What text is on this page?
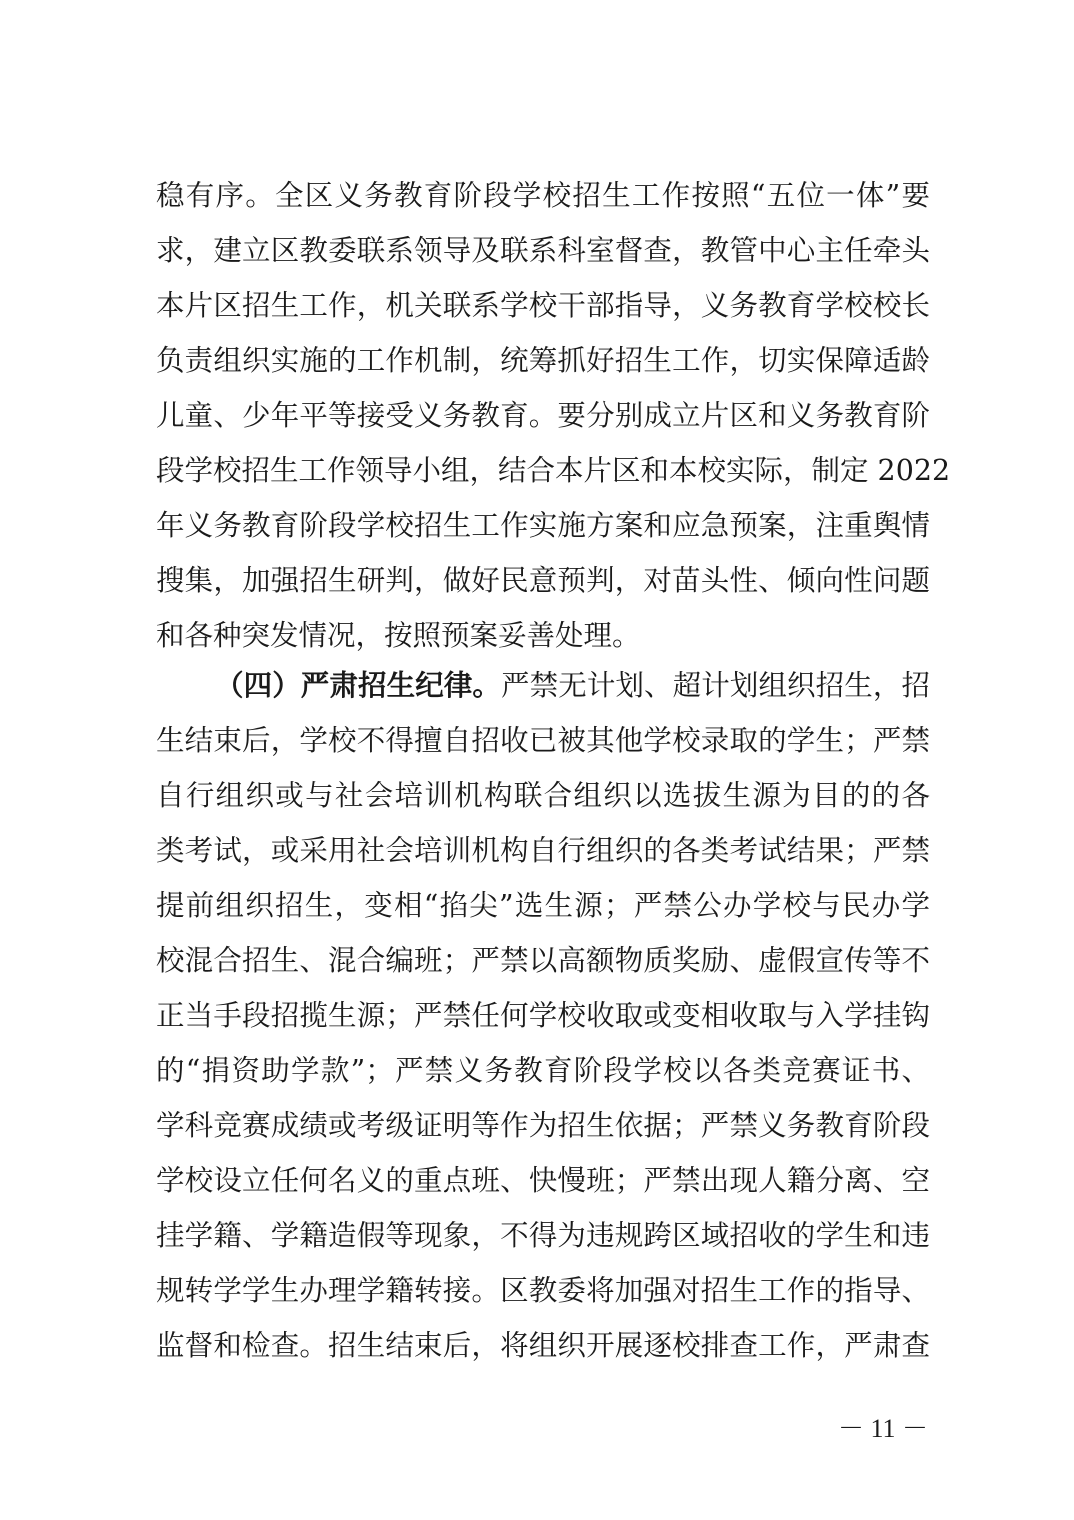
稳有序。全区义务教育阶段学校招生工作按照“五位一体”要
求，建立区教委联系领导及联系科室督查，教管中心主任牵头
本片区招生工作，机关联系学校干部指导，义务教育学校校长
负责组织实施的工作机制，统筹抓好招生工作，切实保障适龄
儿童、少年平等接受义务教育。要分别成立片区和义务教育阶
段学校招生工作领导小组，结合本片区和本校实际，制定 2022
年义务教育阶段学校招生工作实施方案和应急预案，注重舆情
搜集，加强招生研判，做好民意预判，对苗头性、倾向性问题
和各种突发情况，按照预案妥善处理。
（四）严肃招生纪律。严禁无计划、超计划组织招生，招
生结束后，学校不得擅自招收已被其他学校录取的学生；严禁
自行组织或与社会培训机构联合组织以选拔生源为目的的各
类考试，或采用社会培训机构自行组织的各类考试结果；严禁
提前组织招生，变相“掐尖”选生源；严禁公办学校与民办学
校混合招生、混合编班；严禁以高额物质奖励、虚假宣传等不
正当手段招揽生源；严禁任何学校收取或变相收取与入学挂钩
的“捐资助学款”；严禁义务教育阶段学校以各类竞赛证书、
学科竞赛成绩或考级证明等作为招生依据；严禁义务教育阶段
学校设立任何名义的重点班、快慢班；严禁出现人籍分离、空
挂学籍、学籍造假等现象，不得为违规跨区域招收的学生和违
规转学学生办理学籍转接。区教委将加强对招生工作的指导、
监督和检查。招生结束后，将组织开展逐校排查工作，严肃查
－ 11 －
